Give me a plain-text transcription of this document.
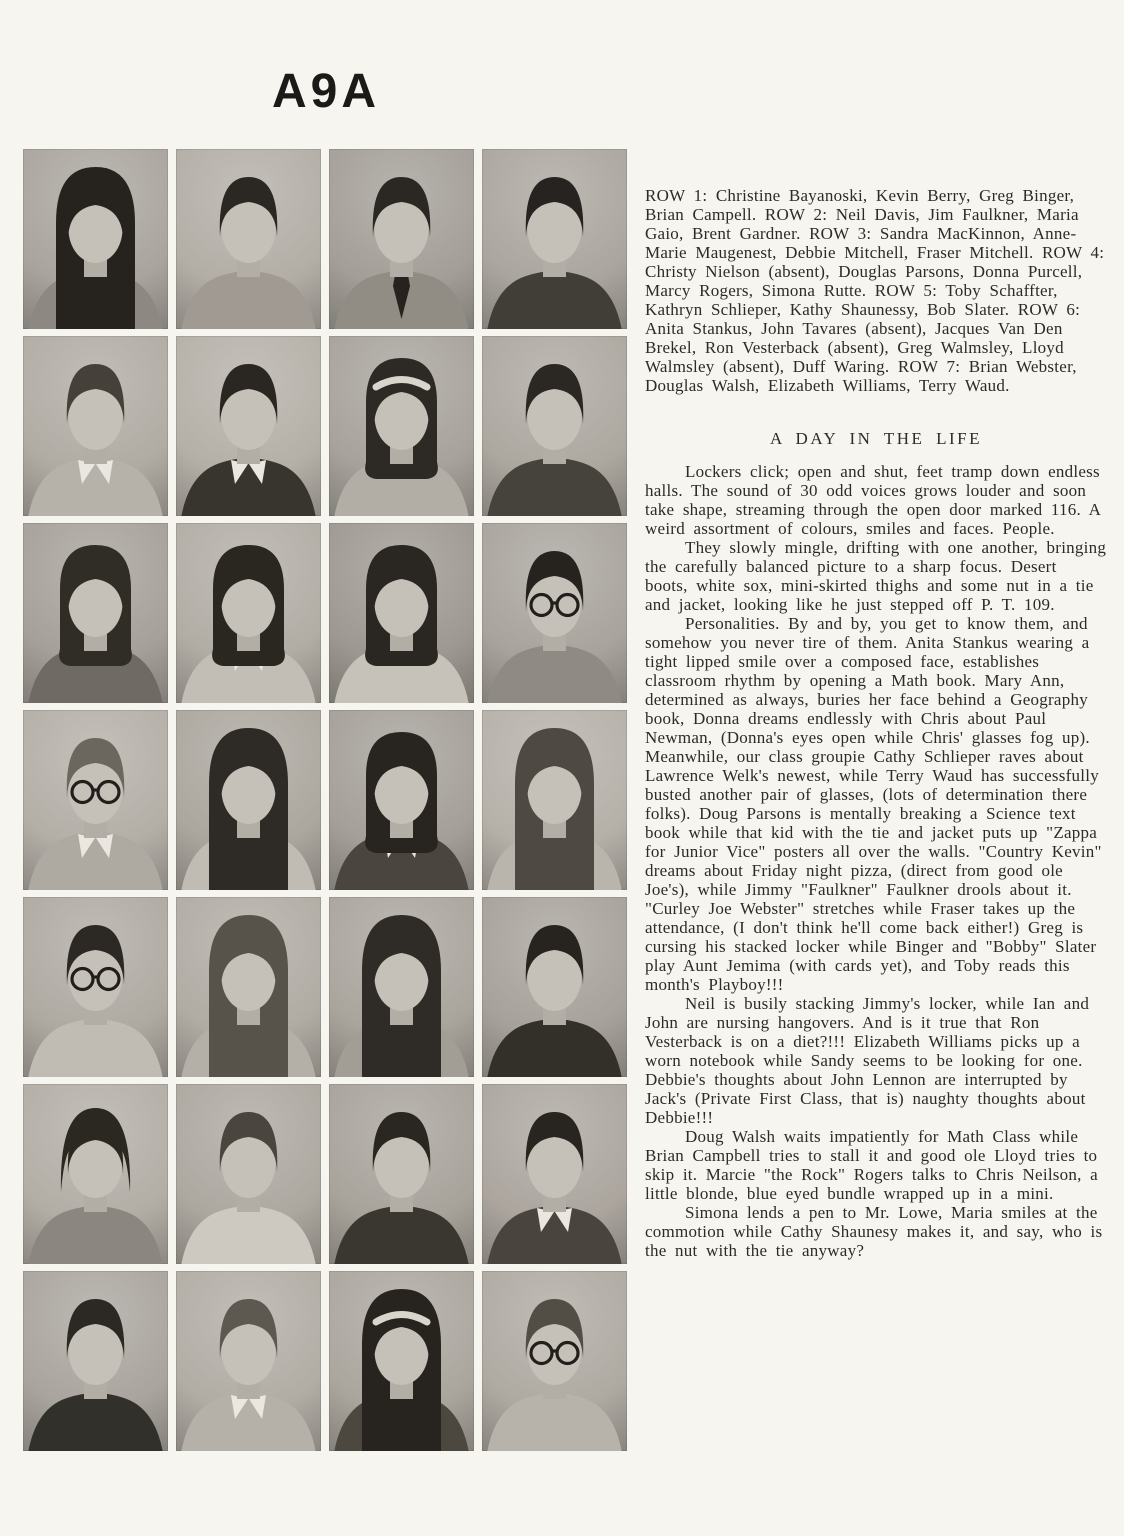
A9A

ROW 1: Christine Bayanoski, Kevin Berry, Greg Binger, Brian Campell. ROW 2: Neil Davis, Jim Faulkner, Maria Gaio, Brent Gardner. ROW 3: Sandra MacKinnon, Anne-Marie Maugenest, Debbie Mitchell, Fraser Mitchell. ROW 4: Christy Nielson (absent), Douglas Parsons, Donna Purcell, Marcy Rogers, Simona Rutte. ROW 5: Toby Schaffter, Kathryn Schlieper, Kathy Shaunessy, Bob Slater. ROW 6: Anita Stankus, John Tavares (absent), Jacques Van Den Brekel, Ron Vesterback (absent), Greg Walmsley, Lloyd Walmsley (absent), Duff Waring. ROW 7: Brian Webster, Douglas Walsh, Elizabeth Williams, Terry Waud.

A DAY IN THE LIFE

Lockers click; open and shut, feet tramp down endless halls. The sound of 30 odd voices grows louder and soon take shape, streaming through the open door marked 116. A weird assortment of colours, smiles and faces. People.

They slowly mingle, drifting with one another, bringing the carefully balanced picture to a sharp focus. Desert boots, white sox, mini-skirted thighs and some nut in a tie and jacket, looking like he just stepped off P. T. 109.

Personalities. By and by, you get to know them, and somehow you never tire of them. Anita Stankus wearing a tight lipped smile over a composed face, establishes classroom rhythm by opening a Math book. Mary Ann, determined as always, buries her face behind a Geography book, Donna dreams endlessly with Chris about Paul Newman, (Donna's eyes open while Chris' glasses fog up). Meanwhile, our class groupie Cathy Schlieper raves about Lawrence Welk's newest, while Terry Waud has successfully busted another pair of glasses, (lots of determination there folks). Doug Parsons is mentally breaking a Science text book while that kid with the tie and jacket puts up "Zappa for Junior Vice" posters all over the walls. "Country Kevin" dreams about Friday night pizza, (direct from good ole Joe's), while Jimmy "Faulkner" Faulkner drools about it. "Curley Joe Webster" stretches while Fraser takes up the attendance, (I don't think he'll come back either!) Greg is cursing his stacked locker while Binger and "Bobby" Slater play Aunt Jemima (with cards yet), and Toby reads this month's Playboy!!!

Neil is busily stacking Jimmy's locker, while Ian and John are nursing hangovers. And is it true that Ron Vesterback is on a diet?!!! Elizabeth Williams picks up a worn notebook while Sandy seems to be looking for one. Debbie's thoughts about John Lennon are interrupted by Jack's (Private First Class, that is) naughty thoughts about Debbie!!!

Doug Walsh waits impatiently for Math Class while Brian Campbell tries to stall it and good ole Lloyd tries to skip it. Marcie "the Rock" Rogers talks to Chris Neilson, a little blonde, blue eyed bundle wrapped up in a mini.

Simona lends a pen to Mr. Lowe, Maria smiles at the commotion while Cathy Shaunesy makes it, and say, who is the nut with the tie anyway?
